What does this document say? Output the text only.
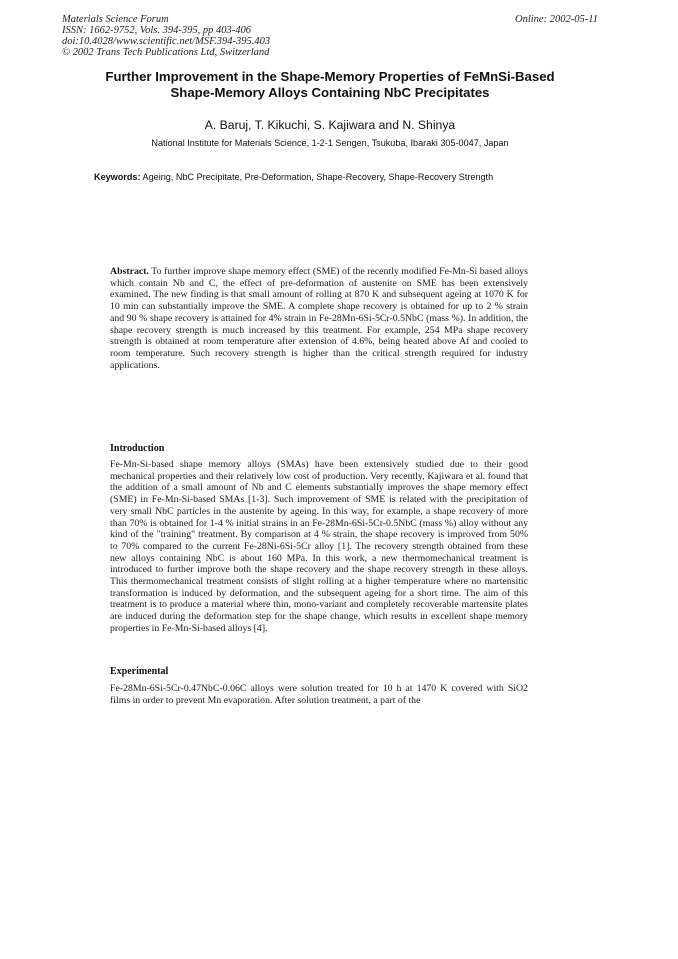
Materials Science Forum
ISSN: 1662-9752, Vols. 394-395, pp 403-406
doi:10.4028/www.scientific.net/MSF.394-395.403
© 2002 Trans Tech Publications Ltd, Switzerland
Online: 2002-05-11
Further Improvement in the Shape-Memory Properties of FeMnSi-Based Shape-Memory Alloys Containing NbC Precipitates
A. Baruj, T. Kikuchi, S. Kajiwara and N. Shinya
National Institute for Materials Science, 1-2-1 Sengen, Tsukuba, Ibaraki 305-0047, Japan
Keywords: Ageing, NbC Precipitate, Pre-Deformation, Shape-Recovery, Shape-Recovery Strength
Abstract. To further improve shape memory effect (SME) of the recently modified Fe-Mn-Si based alloys which contain Nb and C, the effect of pre-deformation of austenite on SME has been extensively examined. The new finding is that small amount of rolling at 870 K and subsequent ageing at 1070 K for 10 min can substantially improve the SME. A complete shape recovery is obtained for up to 2 % strain and 90 % shape recovery is attained for 4% strain in Fe-28Mn-6Si-5Cr-0.5NbC (mass %). In addition, the shape recovery strength is much increased by this treatment. For example, 254 MPa shape recovery strength is obtained at room temperature after extension of 4.6%, being heated above Af and cooled to room temperature. Such recovery strength is higher than the critical strength required for industry applications.
Introduction
Fe-Mn-Si-based shape memory alloys (SMAs) have been extensively studied due to their good mechanical properties and their relatively low cost of production. Very recently, Kajiwara et al. found that the addition of a small amount of Nb and C elements substantially improves the shape memory effect (SME) in Fe-Mn-Si-based SMAs [1-3]. Such improvement of SME is related with the precipitation of very small NbC particles in the austenite by ageing. In this way, for example, a shape recovery of more than 70% is obtained for 1-4 % initial strains in an Fe-28Mn-6Si-5Cr-0.5NbC (mass %) alloy without any kind of the "training" treatment. By comparison at 4 % strain, the shape recovery is improved from 50% to 70% compared to the current Fe-28Ni-6Si-5Cr alloy [1]. The recovery strength obtained from these new alloys containing NbC is about 160 MPa. In this work, a new thermomechanical treatment is introduced to further improve both the shape recovery and the shape recovery strength in these alloys. This thermomechanical treatment consists of slight rolling at a higher temperature where no martensitic transformation is induced by deformation, and the subsequent ageing for a short time. The aim of this treatment is to produce a material where thin, mono-variant and completely recoverable martensite plates are induced during the deformation step for the shape change, which results in excellent shape memory properties in Fe-Mn-Si-based alloys [4].
Experimental
Fe-28Mn-6Si-5Cr-0.47NbC-0.06C alloys were solution treated for 10 h at 1470 K covered with SiO2 films in order to prevent Mn evaporation. After solution treatment, a part of the
